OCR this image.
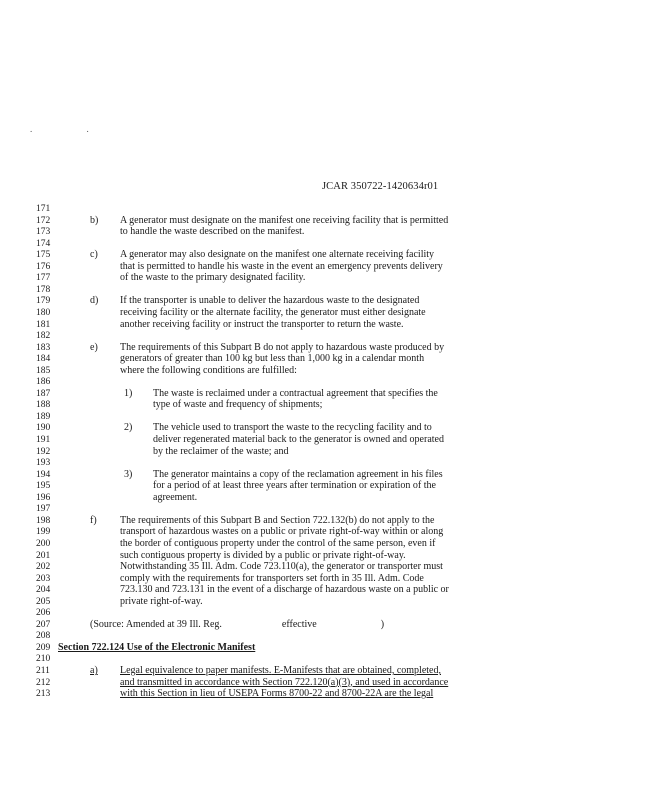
. .
JCAR 350722-1420634r01
171
172	b) A generator must designate on the manifest one receiving facility that is permitted
173	to handle the waste described on the manifest.
174
175	c) A generator may also designate on the manifest one alternate receiving facility
176	that is permitted to handle his waste in the event an emergency prevents delivery
177	of the waste to the primary designated facility.
178
179	d) If the transporter is unable to deliver the hazardous waste to the designated
180	receiving facility or the alternate facility, the generator must either designate
181	another receiving facility or instruct the transporter to return the waste.
182
183	e) The requirements of this Subpart B do not apply to hazardous waste produced by
184	generators of greater than 100 kg but less than 1,000 kg in a calendar month
185	where the following conditions are fulfilled:
186
187	1) The waste is reclaimed under a contractual agreement that specifies the
188	type of waste and frequency of shipments;
189
190	2) The vehicle used to transport the waste to the recycling facility and to
191	deliver regenerated material back to the generator is owned and operated
192	by the reclaimer of the waste; and
193
194	3) The generator maintains a copy of the reclamation agreement in his files
195	for a period of at least three years after termination or expiration of the
196	agreement.
197
198	f) The requirements of this Subpart B and Section 722.132(b) do not apply to the
199	transport of hazardous wastes on a public or private right-of-way within or along
200	the border of contiguous property under the control of the same person, even if
201	such contiguous property is divided by a public or private right-of-way.
202	Notwithstanding 35 Ill. Adm. Code 723.110(a), the generator or transporter must
203	comply with the requirements for transporters set forth in 35 Ill. Adm. Code
204	723.130 and 723.131 in the event of a discharge of hazardous waste on a public or
205	private right-of-way.
206
207	(Source: Amended at 39 Ill. Reg.	effective	)
208
209 Section 722.124 Use of the Electronic Manifest
210
211	a) Legal equivalence to paper manifests. E-Manifests that are obtained, completed,
212	and transmitted in accordance with Section 722.120(a)(3), and used in accordance
213	with this Section in lieu of USEPA Forms 8700-22 and 8700-22A are the legal
